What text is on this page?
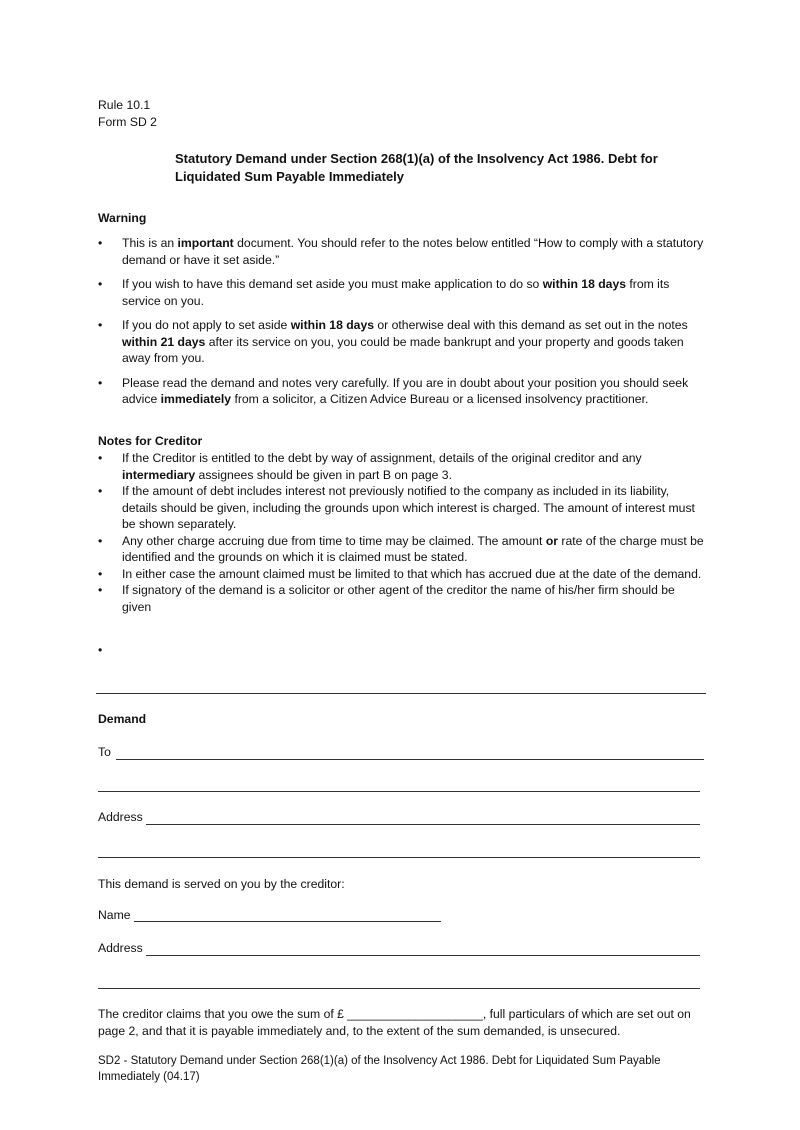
Rule 10.1
Form SD 2
Statutory Demand under Section 268(1)(a) of the Insolvency Act 1986. Debt for Liquidated Sum Payable Immediately
Warning
• This is an important document. You should refer to the notes below entitled “How to comply with a statutory demand or have it set aside.”
• If you wish to have this demand set aside you must make application to do so within 18 days from its service on you.
• If you do not apply to set aside within 18 days or otherwise deal with this demand as set out in the notes within 21 days after its service on you, you could be made bankrupt and your property and goods taken away from you.
• Please read the demand and notes very carefully. If you are in doubt about your position you should seek advice immediately from a solicitor, a Citizen Advice Bureau or a licensed insolvency practitioner.
Notes for Creditor
• If the Creditor is entitled to the debt by way of assignment, details of the original creditor and any intermediary assignees should be given in part B on page 3.
• If the amount of debt includes interest not previously notified to the company as included in its liability, details should be given, including the grounds upon which interest is charged. The amount of interest must be shown separately.
• Any other charge accruing due from time to time may be claimed. The amount or rate of the charge must be identified and the grounds on which it is claimed must be stated.
• In either case the amount claimed must be limited to that which has accrued due at the date of the demand.
• If signatory of the demand is a solicitor or other agent of the creditor the name of his/her firm should be given
•
Demand
To
Address
This demand is served on you by the creditor:
Name
Address
The creditor claims that you owe the sum of £ ____________________, full particulars of which are set out on page 2, and that it is payable immediately and, to the extent of the sum demanded, is unsecured.
SD2 - Statutory Demand under Section 268(1)(a) of the Insolvency Act 1986. Debt for Liquidated Sum Payable Immediately (04.17)
